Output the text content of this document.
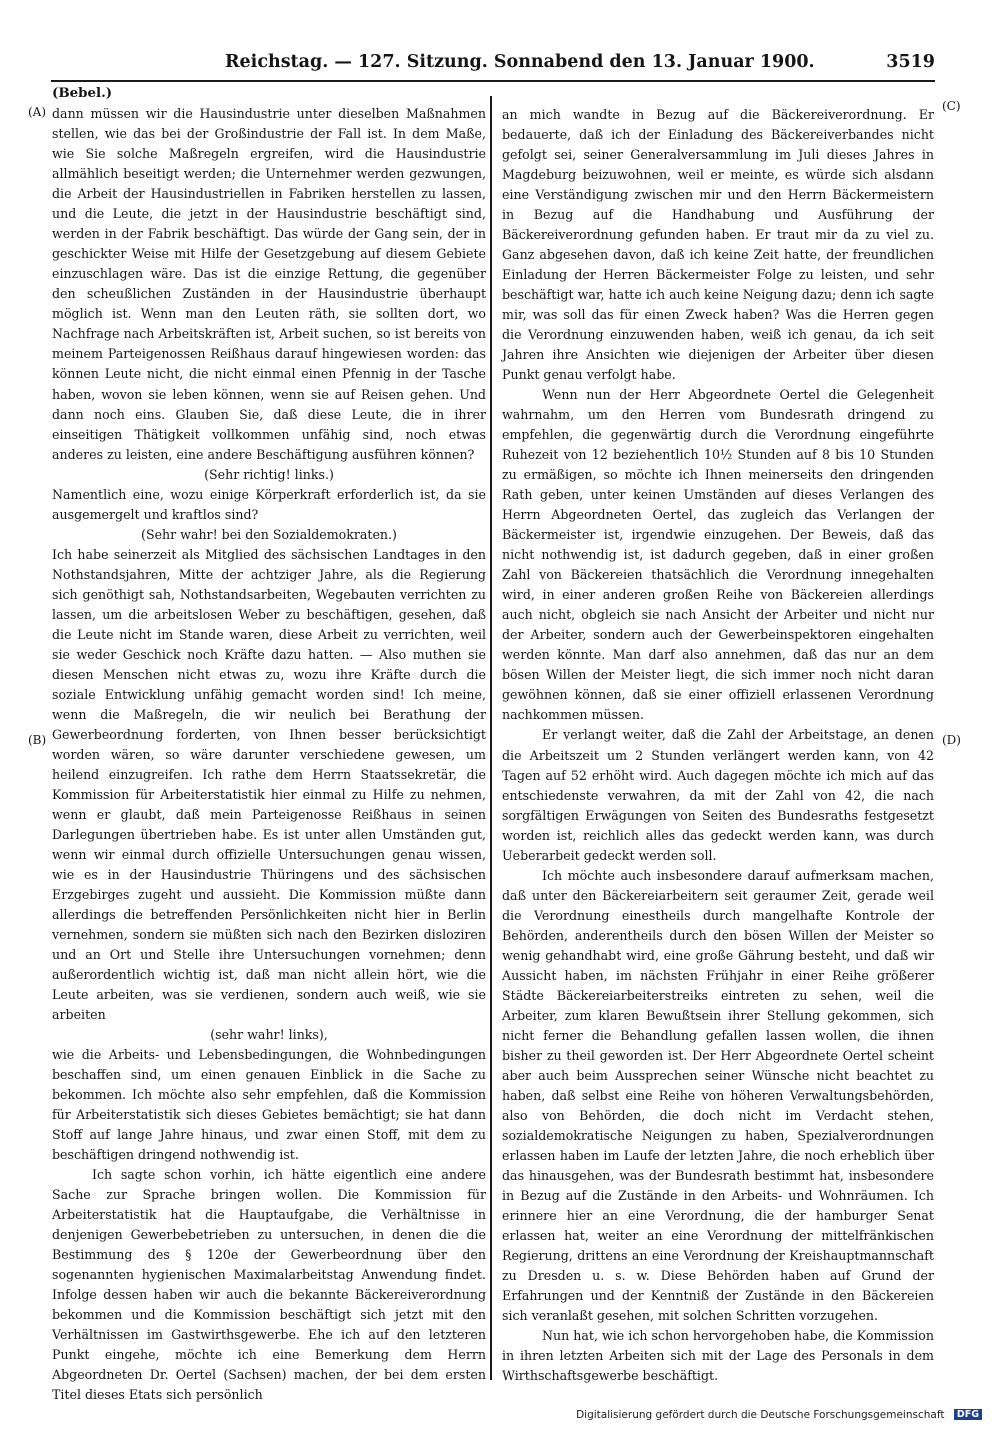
Reichstag. — 127. Sitzung. Sonnabend den 13. Januar 1900.	3519
(A)
(B)
(C)
(D)
(Bebel.)

dann müssen wir die Hausindustrie unter dieselben Maßnahmen stellen, wie das bei der Großindustrie der Fall ist. In dem Maße, wie Sie solche Maßregeln ergreifen, wird die Hausindustrie allmählich beseitigt werden; die Unternehmer werden gezwungen, die Arbeit der Hausindustriellen in Fabriken herstellen zu lassen, und die Leute, die jetzt in der Hausindustrie beschäftigt sind, werden in der Fabrik beschäftigt. Das würde der Gang sein, der in geschickter Weise mit Hilfe der Gesetzgebung auf diesem Gebiete einzuschlagen wäre. Das ist die einzige Rettung, die gegenüber den scheußlichen Zuständen in der Hausindustrie überhaupt möglich ist. Wenn man den Leuten räth, sie sollten dort, wo Nachfrage nach Arbeitskräften ist, Arbeit suchen, so ist bereits von meinem Parteigenossen Reißhaus darauf hingewiesen worden: das können Leute nicht, die nicht einmal einen Pfennig in der Tasche haben, wovon sie leben können, wenn sie auf Reisen gehen. Und dann noch eins. Glauben Sie, daß diese Leute, die in ihrer einseitigen Thätigkeit vollkommen unfähig sind, noch etwas anderes zu leisten, eine andere Beschäftigung ausführen können?

(Sehr richtig! links.)

Namentlich eine, wozu einige Körperkraft erforderlich ist, da sie ausgemergelt und kraftlos sind?

(Sehr wahr! bei den Sozialdemokraten.)

Ich habe seinerzeit als Mitglied des sächsischen Landtages in den Nothstandsjahren, Mitte der achtziger Jahre, als die Regierung sich genöthigt sah, Nothstandsarbeiten, Wegebauten verrichten zu lassen, um die arbeitslosen Weber zu beschäftigen, gesehen, daß die Leute nicht im Stande waren, diese Arbeit zu verrichten, weil sie weder Geschick noch Kräfte dazu hatten. — Also muthen sie diesen Menschen nicht etwas zu, wozu ihre Kräfte durch die soziale Entwicklung unfähig gemacht worden sind! Ich meine, wenn die Maßregeln, die wir neulich bei Berathung der Gewerbeordnung forderten, von Ihnen besser berücksichtigt worden wären, so wäre darunter verschiedene gewesen, um heilend einzugreifen. Ich rathe dem Herrn Staatssekretär, die Kommission für Arbeiterstatistik hier einmal zu Hilfe zu nehmen, wenn er glaubt, daß mein Parteigenosse Reißhaus in seinen Darlegungen übertrieben habe. Es ist unter allen Umständen gut, wenn wir einmal durch offizielle Untersuchungen genau wissen, wie es in der Hausindustrie Thüringens und des sächsischen Erzgebirges zugeht und aussieht. Die Kommission müßte dann allerdings die betreffenden Persönlichkeiten nicht hier in Berlin vernehmen, sondern sie müßten sich nach den Bezirken disloziren und an Ort und Stelle ihre Untersuchungen vornehmen; denn außerordentlich wichtig ist, daß man nicht allein hört, wie die Leute arbeiten, was sie verdienen, sondern auch weiß, wie sie arbeiten

(sehr wahr! links),

wie die Arbeits- und Lebensbedingungen, die Wohnbedingungen beschaffen sind, um einen genauen Einblick in die Sache zu bekommen. Ich möchte also sehr empfehlen, daß die Kommission für Arbeiterstatistik sich dieses Gebietes bemächtigt; sie hat dann Stoff auf lange Jahre hinaus, und zwar einen Stoff, mit dem zu beschäftigen dringend nothwendig ist.

Ich sagte schon vorhin, ich hätte eigentlich eine andere Sache zur Sprache bringen wollen. Die Kommission für Arbeiterstatistik hat die Hauptaufgabe, die Verhältnisse in denjenigen Gewerbebetrieben zu untersuchen, in denen die die Bestimmung des § 120e der Gewerbeordnung über den sogenannten hygienischen Maximalarbeitstag Anwendung findet. Infolge dessen haben wir auch die bekannte Bäckereiverordnung bekommen und die Kommission beschäftigt sich jetzt mit den Verhältnissen im Gastwirthsgewerbe. Ehe ich auf den letzteren Punkt eingehe, möchte ich eine Bemerkung dem Herrn Abgeordneten Dr. Oertel (Sachsen) machen, der bei dem ersten Titel dieses Etats sich persönlich

an mich wandte in Bezug auf die Bäckereiverordnung. Er bedauerte, daß ich der Einladung des Bäckereiverbandes nicht gefolgt sei, seiner Generalversammlung im Juli dieses Jahres in Magdeburg beizuwohnen, weil er meinte, es würde sich alsdann eine Verständigung zwischen mir und den Herrn Bäckermeistern in Bezug auf die Handhabung und Ausführung der Bäckereiverordnung gefunden haben. Er traut mir da zu viel zu. Ganz abgesehen davon, daß ich keine Zeit hatte, der freundlichen Einladung der Herren Bäckermeister Folge zu leisten, und sehr beschäftigt war, hatte ich auch keine Neigung dazu; denn ich sagte mir, was soll das für einen Zweck haben? Was die Herren gegen die Verordnung einzuwenden haben, weiß ich genau, da ich seit Jahren ihre Ansichten wie diejenigen der Arbeiter über diesen Punkt genau verfolgt habe.

Wenn nun der Herr Abgeordnete Oertel die Gelegenheit wahrnahm, um den Herren vom Bundesrath dringend zu empfehlen, die gegenwärtig durch die Verordnung eingeführte Ruhezeit von 12 beziehentlich 10½ Stunden auf 8 bis 10 Stunden zu ermäßigen, so möchte ich Ihnen meinerseits den dringenden Rath geben, unter keinen Umständen auf dieses Verlangen des Herrn Abgeordneten Oertel, das zugleich das Verlangen der Bäckermeister ist, irgendwie einzugehen. Der Beweis, daß das nicht nothwendig ist, ist dadurch gegeben, daß in einer großen Zahl von Bäckereien thatsächlich die Verordnung innegehalten wird, in einer anderen großen Reihe von Bäckereien allerdings auch nicht, obgleich sie nach Ansicht der Arbeiter und nicht nur der Arbeiter, sondern auch der Gewerbeinspektoren eingehalten werden könnte. Man darf also annehmen, daß das nur an dem bösen Willen der Meister liegt, die sich immer noch nicht daran gewöhnen können, daß sie einer offiziell erlassenen Verordnung nachkommen müssen.

Er verlangt weiter, daß die Zahl der Arbeitstage, an denen die Arbeitszeit um 2 Stunden verlängert werden kann, von 42 Tagen auf 52 erhöht wird. Auch dagegen möchte ich mich auf das entschiedenste verwahren, da mit der Zahl von 42, die nach sorgfältigen Erwägungen von Seiten des Bundesraths festgesetzt worden ist, reichlich alles das gedeckt werden kann, was durch Ueberarbeit gedeckt werden soll.

Ich möchte auch insbesondere darauf aufmerksam machen, daß unter den Bäckereiarbeitern seit geraumer Zeit, gerade weil die Verordnung einestheils durch mangelhafte Kontrole der Behörden, anderentheils durch den bösen Willen der Meister so wenig gehandhabt wird, eine große Gährung besteht, und daß wir Aussicht haben, im nächsten Frühjahr in einer Reihe größerer Städte Bäckereiarbeiterstreiks eintreten zu sehen, weil die Arbeiter, zum klaren Bewußtsein ihrer Stellung gekommen, sich nicht ferner die Behandlung gefallen lassen wollen, die ihnen bisher zu theil geworden ist. Der Herr Abgeordnete Oertel scheint aber auch beim Aussprechen seiner Wünsche nicht beachtet zu haben, daß selbst eine Reihe von höheren Verwaltungsbehörden, also von Behörden, die doch nicht im Verdacht stehen, sozialdemokratische Neigungen zu haben, Spezialverordnungen erlassen haben im Laufe der letzten Jahre, die noch erheblich über das hinausgehen, was der Bundesrath bestimmt hat, insbesondere in Bezug auf die Zustände in den Arbeits- und Wohnräumen. Ich erinnere hier an eine Verordnung, die der hamburger Senat erlassen hat, weiter an eine Verordnung der mittelfränkischen Regierung, drittens an eine Verordnung der Kreishauptmannschaft zu Dresden u. s. w. Diese Behörden haben auf Grund der Erfahrungen und der Kenntniß der Zustände in den Bäckereien sich veranlaßt gesehen, mit solchen Schritten vorzugehen.

Nun hat, wie ich schon hervorgehoben habe, die Kommission in ihren letzten Arbeiten sich mit der Lage des Personals in dem Wirthschaftsgewerbe beschäftigt.

Digitalisierung gefördert durch die Deutsche Forschungsgemeinschaft DFG
